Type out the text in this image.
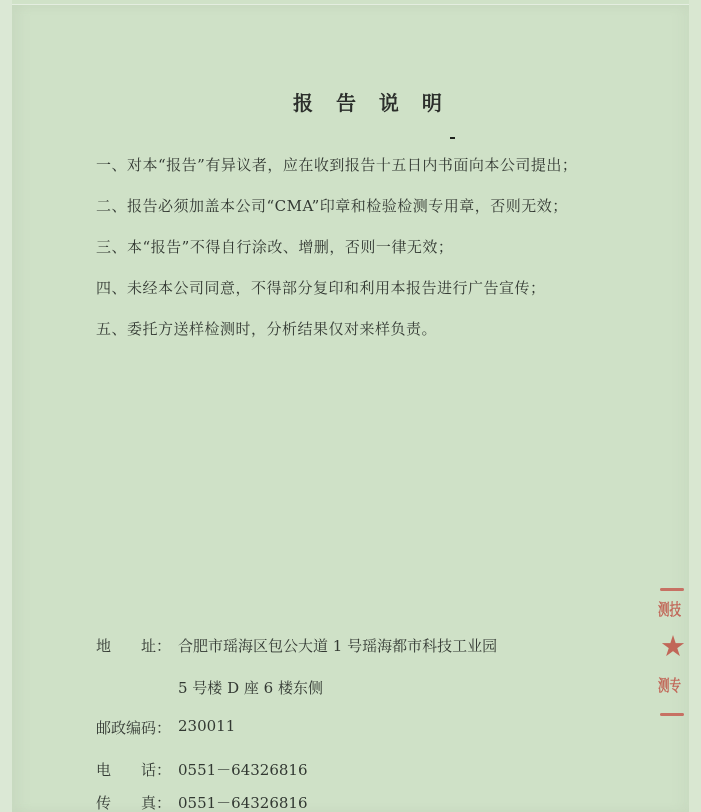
报 告 说 明

一、对本“报告”有异议者，应在收到报告十五日内书面向本公司提出；

二、报告必须加盖本公司“CMA”印章和检验检测专用章，否则无效；

三、本“报告”不得自行涂改、增删，否则一律无效；

四、未经本公司同意，不得部分复印和利用本报告进行广告宣传；

五、委托方送样检测时，分析结果仅对来样负责。

地　　址： 合肥市瑶海区包公大道 1 号瑶海都市科技工业园
5 号楼 D 座 6 楼东侧
邮政编码： 230011
电　　话： 0551－64326816
传　　真： 0551－64326816
测技
★
测专
